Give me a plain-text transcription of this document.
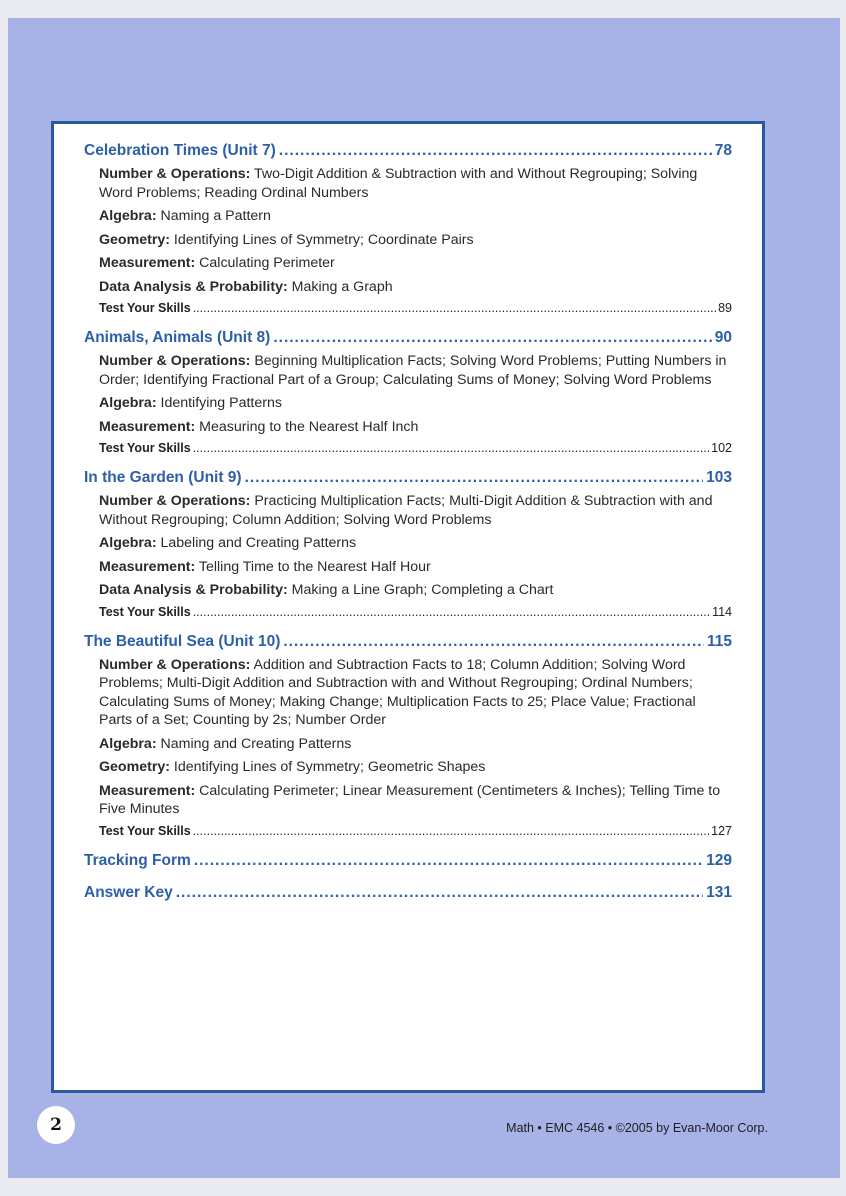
Celebration Times (Unit 7) .....	78
Number & Operations: Two-Digit Addition & Subtraction with and Without Regrouping; Solving Word Problems; Reading Ordinal Numbers
Algebra: Naming a Pattern
Geometry: Identifying Lines of Symmetry; Coordinate Pairs
Measurement: Calculating Perimeter
Data Analysis & Probability: Making a Graph
Test Your Skills .....	89
Animals, Animals (Unit 8) .....	90
Number & Operations: Beginning Multiplication Facts; Solving Word Problems; Putting Numbers in Order; Identifying Fractional Part of a Group; Calculating Sums of Money; Solving Word Problems
Algebra: Identifying Patterns
Measurement: Measuring to the Nearest Half Inch
Test Your Skills .....	102
In the Garden (Unit 9) .....	103
Number & Operations: Practicing Multiplication Facts; Multi-Digit Addition & Subtraction with and Without Regrouping; Column Addition; Solving Word Problems
Algebra: Labeling and Creating Patterns
Measurement: Telling Time to the Nearest Half Hour
Data Analysis & Probability: Making a Line Graph; Completing a Chart
Test Your Skills .....	114
The Beautiful Sea (Unit 10) .....	115
Number & Operations: Addition and Subtraction Facts to 18; Column Addition; Solving Word Problems; Multi-Digit Addition and Subtraction with and Without Regrouping; Ordinal Numbers; Calculating Sums of Money; Making Change; Multiplication Facts to 25; Place Value; Fractional Parts of a Set; Counting by 2s; Number Order
Algebra: Naming and Creating Patterns
Geometry: Identifying Lines of Symmetry; Geometric Shapes
Measurement: Calculating Perimeter; Linear Measurement (Centimeters & Inches); Telling Time to Five Minutes
Test Your Skills .....	127
Tracking Form .....	129
Answer Key .....	131
2	Math • EMC 4546 • ©2005 by Evan-Moor Corp.
